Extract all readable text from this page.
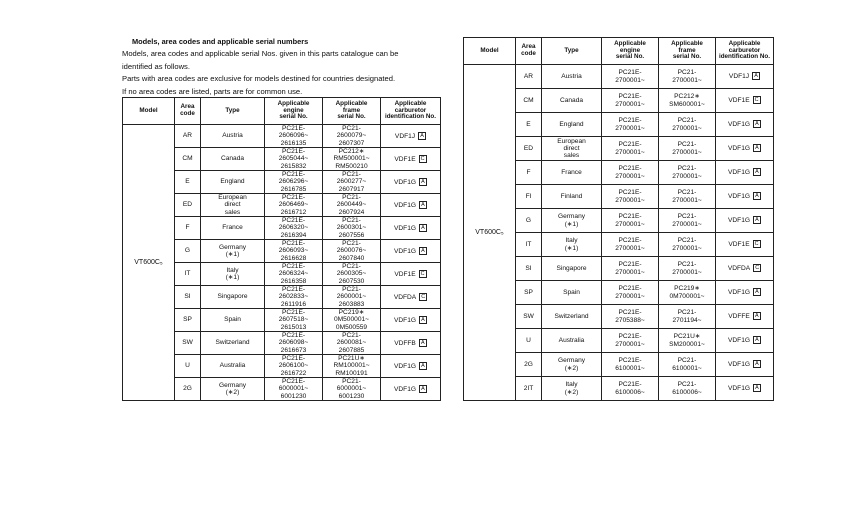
Models, area codes and applicable serial numbers

Models, area codes and applicable serial Nos. given in this parts catalogue can be

identified as follows.

Parts with area codes are exclusive for models destined for countries designated.

If no area codes are listed, parts are for common use.

Model	Area
code	Type	Applicable
engine
serial No.	Applicable
frame
serial No.	Applicable
carburetor
identification No.
VT600C₅	AR	Austria	PC21E-
2606096~
2616135	PC21-
2600079~
2607307	VDF1J A
	CM	Canada	PC21E-
2605044~
2615832	PC212∗
RM500001~
RM500210	VDF1E C
	E	England	PC21E-
2606296~
2616785	PC21-
2600277~
2607917	VDF1G A
	ED	European
direct
sales	PC21E-
2606469~
2616712	PC21-
2600449~
2607924	VDF1G A
	F	France	PC21E-
2606320~
2616394	PC21-
2600301~
2607556	VDF1G A
	G	Germany
(∗1)	PC21E-
2606093~
2616628	PC21-
2600076~
2607840	VDF1G A
	IT	Italy
(∗1)	PC21E-
2606324~
2616358	PC21-
2600305~
2607530	VDF1E C
	SI	Singapore	PC21E-
2602833~
2611916	PC21-
2600001~
2603883	VDFDA C
	SP	Spain	PC21E-
2607518~
2615013	PC219∗
0M500001~
0M500559	VDF1G A
	SW	Switzerland	PC21E-
2606098~
2616673	PC21-
2600081~
2607885	VDFFB A
	U	Australia	PC21E-
2606100~
2616722	PC21U∗
RM100001~
RM100191	VDF1G A
	2G	Germany
(∗2)	PC21E-
6000001~
6001230	PC21-
6000001~
6001230	VDF1G A
Model	Area
code	Type	Applicable
engine
serial No.	Applicable
frame
serial No.	Applicable
carburetor
identification No.
VT600C₅	AR	Austria	PC21E-
2700001~	PC21-
2700001~	VDF1J A
	CM	Canada	PC21E-
2700001~	PC212∗
SM600001~	VDF1E C
	E	England	PC21E-
2700001~	PC21-
2700001~	VDF1G A
	ED	European
direct
sales	PC21E-
2700001~	PC21-
2700001~	VDF1G A
	F	France	PC21E-
2700001~	PC21-
2700001~	VDF1G A
	FI	Finland	PC21E-
2700001~	PC21-
2700001~	VDF1G A
	G	Germany
(∗1)	PC21E-
2700001~	PC21-
2700001~	VDF1G A
	IT	Italy
(∗1)	PC21E-
2700001~	PC21-
2700001~	VDF1E C
	SI	Singapore	PC21E-
2700001~	PC21-
2700001~	VDFDA C
	SP	Spain	PC21E-
2700001~	PC219∗
0M700001~	VDF1G A
	SW	Switzerland	PC21E-
2705388~	PC21-
2701194~	VDFFE A
	U	Australia	PC21E-
2700001~	PC21U∗
SM200001~	VDF1G A
	2G	Germany
(∗2)	PC21E-
6100001~	PC21-
6100001~	VDF1G A
	2IT	Italy
(∗2)	PC21E-
6100006~	PC21-
6100006~	VDF1G A
